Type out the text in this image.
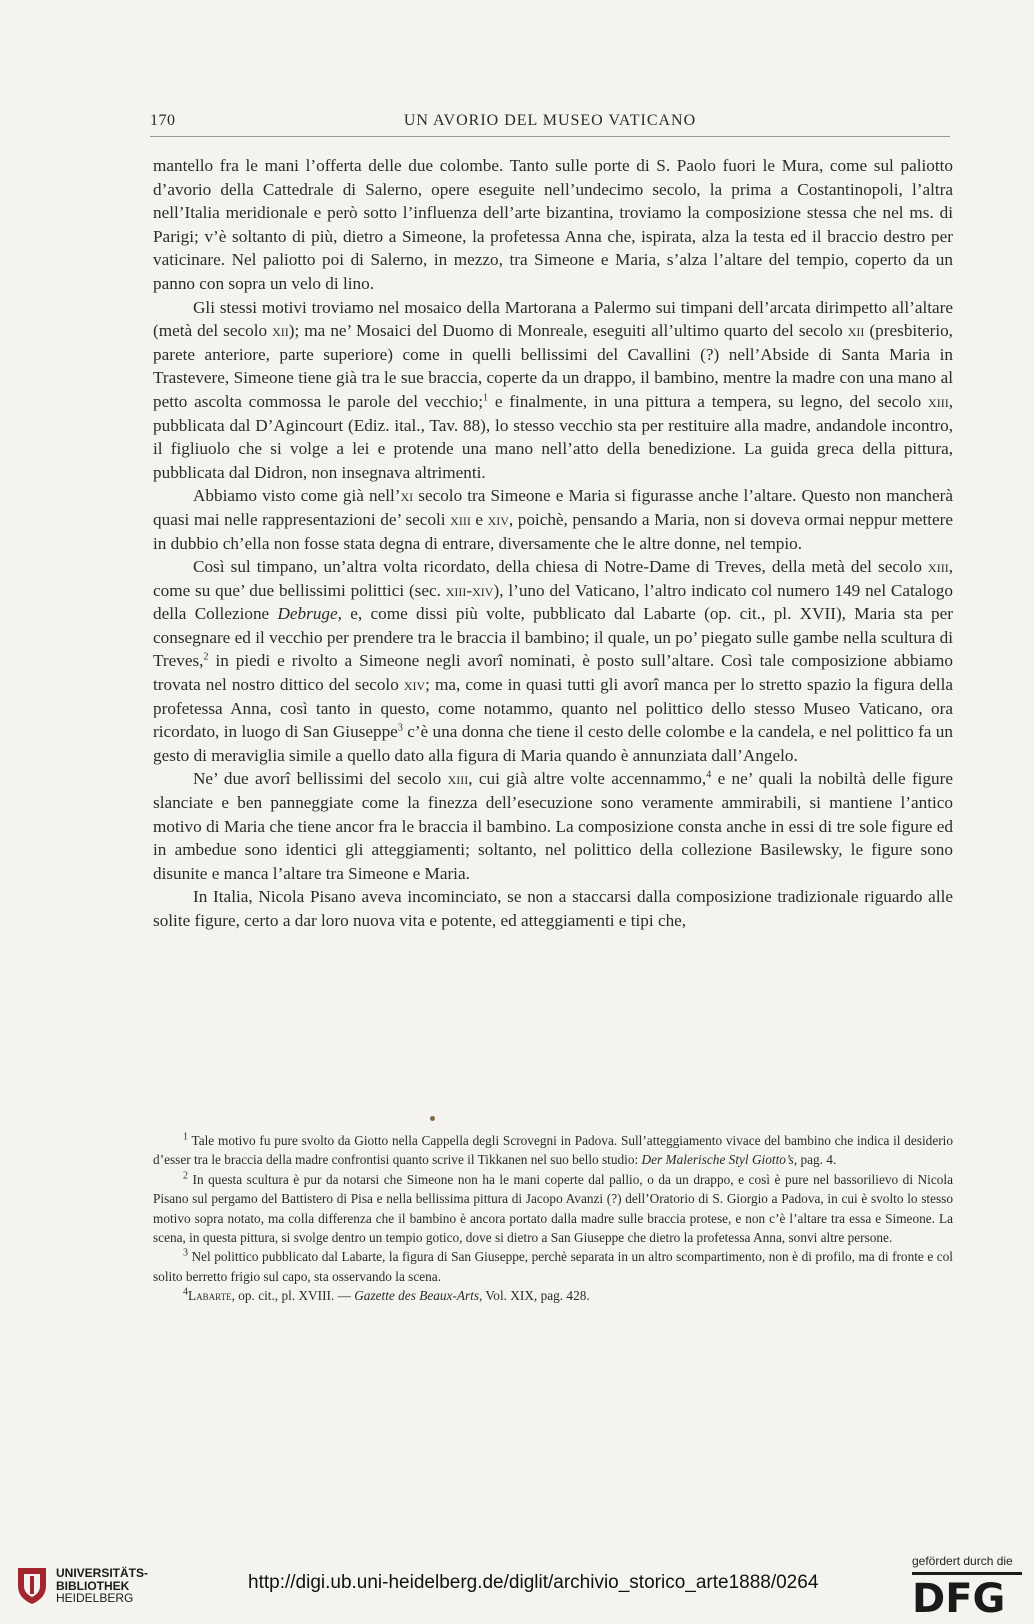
170	UN AVORIO DEL MUSEO VATICANO

mantello fra le mani l’offerta delle due colombe. Tanto sulle porte di S. Paolo fuori le Mura, come sul paliotto d’avorio della Cattedrale di Salerno, opere eseguite nell’undecimo secolo, la prima a Costantinopoli, l’altra nell’Italia meridionale e però sotto l’influenza dell’arte bizantina, troviamo la composizione stessa che nel ms. di Parigi; v’è soltanto di più, dietro a Simeone, la profetessa Anna che, ispirata, alza la testa ed il braccio destro per vaticinare. Nel paliotto poi di Salerno, in mezzo, tra Simeone e Maria, s’alza l’altare del tempio, coperto da un panno con sopra un velo di lino.

Gli stessi motivi troviamo nel mosaico della Martorana a Palermo sui timpani dell’arcata dirimpetto all’altare (metà del secolo xii); ma ne’ Mosaici del Duomo di Monreale, eseguiti all’ultimo quarto del secolo xii (presbiterio, parete anteriore, parte superiore) come in quelli bellissimi del Cavallini (?) nell’Abside di Santa Maria in Trastevere, Simeone tiene già tra le sue braccia, coperte da un drappo, il bambino, mentre la madre con una mano al petto ascolta commossa le parole del vecchio;$^1$ e finalmente, in una pittura a tempera, su legno, del secolo xiii, pubblicata dal D’Agincourt (Ediz. ital., Tav. 88), lo stesso vecchio sta per restituire alla madre, andandole incontro, il figliuolo che si volge a lei e protende una mano nell’atto della benedizione. La guida greca della pittura, pubblicata dal Didron, non insegnava altrimenti.

Abbiamo visto come già nell’xi secolo tra Simeone e Maria si figurasse anche l’altare. Questo non mancherà quasi mai nelle rappresentazioni de’ secoli xiii e xiv, poichè, pensando a Maria, non si doveva ormai neppur mettere in dubbio ch’ella non fosse stata degna di entrare, diversamente che le altre donne, nel tempio.

Così sul timpano, un’altra volta ricordato, della chiesa di Notre-Dame di Treves, della metà del secolo xiii, come su que’ due bellissimi polittici (sec. xiii-xiv), l’uno del Vaticano, l’altro indicato col numero 149 nel Catalogo della Collezione Debruge, e, come dissi più volte, pubblicato dal Labarte (op. cit., pl. XVII), Maria sta per consegnare ed il vecchio per prendere tra le braccia il bambino; il quale, un po’ piegato sulle gambe nella scultura di Treves,$^2$ in piedi e rivolto a Simeone negli avorî nominati, è posto sull’altare. Così tale composizione abbiamo trovata nel nostro dittico del secolo xiv; ma, come in quasi tutti gli avorî manca per lo stretto spazio la figura della profetessa Anna, così tanto in questo, come notammo, quanto nel polittico dello stesso Museo Vaticano, ora ricordato, in luogo di San Giuseppe$^3$ c’è una donna che tiene il cesto delle colombe e la candela, e nel polittico fa un gesto di meraviglia simile a quello dato alla figura di Maria quando è annunziata dall’Angelo.

Ne’ due avorî bellissimi del secolo xiii, cui già altre volte accennammo,$^4$ e ne’ quali la nobiltà delle figure slanciate e ben panneggiate come la finezza dell’esecuzione sono veramente ammirabili, si mantiene l’antico motivo di Maria che tiene ancor fra le braccia il bambino. La composizione consta anche in essi di tre sole figure ed in ambedue sono identici gli atteggiamenti; soltanto, nel polittico della collezione Basilewsky, le figure sono disunite e manca l’altare tra Simeone e Maria.

In Italia, Nicola Pisano aveva incominciato, se non a staccarsi dalla composizione tradizionale riguardo alle solite figure, certo a dar loro nuova vita e potente, ed atteggiamenti e tipi che,

$^1$ Tale motivo fu pure svolto da Giotto nella Cappella degli Scrovegni in Padova. Sull’atteggiamento vivace del bambino che indica il desiderio d’esser tra le braccia della madre confrontisi quanto scrive il Tikkanen nel suo bello studio: Der Malerische Styl Giotto’s, pag. 4.

$^2$ In questa scultura è pur da notarsi che Simeone non ha le mani coperte dal pallio, o da un drappo, e così è pure nel bassorilievo di Nicola Pisano sul pergamo del Battistero di Pisa e nella bellissima pittura di Jacopo Avanzi (?) dell’Oratorio di S. Giorgio a Padova, in cui è svolto lo stesso motivo sopra notato, ma colla differenza che il bambino è ancora portato dalla madre sulle braccia protese, e non c’è l’altare tra essa e Simeone. La scena, in questa pittura, si svolge dentro un tempio gotico, dove si dietro a San Giuseppe che dietro la profetessa Anna, sonvi altre persone.

$^3$ Nel polittico pubblicato dal Labarte, la figura di San Giuseppe, perchè separata in un altro scompartimento, non è di profilo, ma di fronte e col solito berretto frigio sul capo, sta osservando la scena.

$^4$Labarte, op. cit., pl. XVIII. — Gazette des Beaux-Arts, Vol. XIX, pag. 428.

UNIVERSITÄTS-
BIBLIOTHEK
HEIDELBERG
http://digi.ub.uni-heidelberg.de/diglit/archivio_storico_arte1888/0264
gefördert durch die
DFG
